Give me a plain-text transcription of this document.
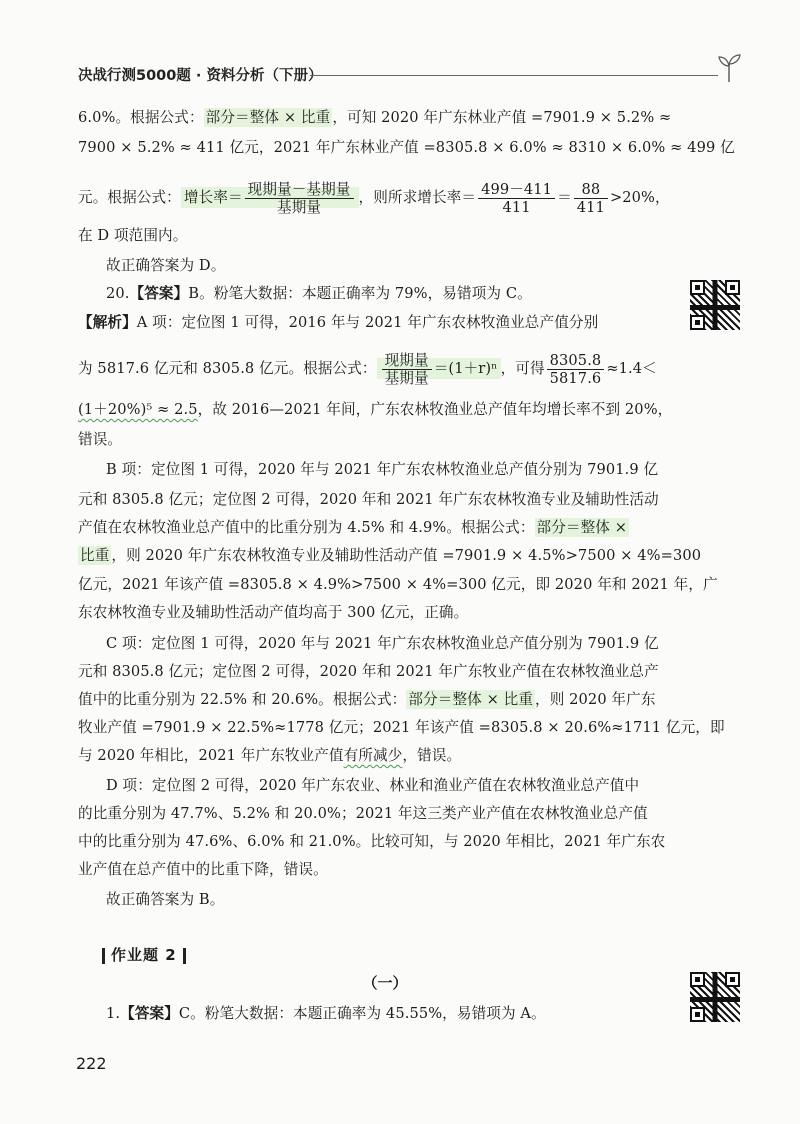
决战行测5000题 · 资料分析（下册）
6.0%。根据公式： 部分＝整体 × 比重 ，可知 2020 年广东林业产值 =7901.9 × 5.2% ≈
7900 × 5.2% ≈ 411 亿元，2021 年广东林业产值 =8305.8 × 6.0% ≈ 8310 × 6.0% ≈ 499 亿
元。根据公式： 增长率＝ $\frac{\text{现期量－基期量}}{\text{基期量}}$ ，则所求增长率＝ $\frac{499-411}{411} = \frac{88}{411} >20\%$，
在 D 项范围内。
故正确答案为 D。
20.【答案】B。粉笔大数据：本题正确率为 79%，易错项为 C。
【解析】A 项：定位图 1 可得，2016 年与 2021 年广东农林牧渔业总产值分别
为 5817.6 亿元和 8305.8 亿元。根据公式： $\frac{\text{现期量}}{\text{基期量}} =(1+r)^n$ ，可得 $\frac{8305.8}{5817.6} \approx 1.4<$
(1＋20%)⁵ ≈ 2.5，故 2016—2021 年间，广东农林牧渔业总产值年均增长率不到 20%，
错误。
B 项：定位图 1 可得，2020 年与 2021 年广东农林牧渔业总产值分别为 7901.9 亿
元和 8305.8 亿元；定位图 2 可得，2020 年和 2021 年广东农林牧渔专业及辅助性活动
产值在农林牧渔业总产值中的比重分别为 4.5% 和 4.9%。根据公式： 部分＝整体 ×
比重 ，则 2020 年广东农林牧渔专业及辅助性活动产值 =7901.9 × 4.5%>7500 × 4%=300
亿元，2021 年该产值 =8305.8 × 4.9%>7500 × 4%=300 亿元，即 2020 年和 2021 年，广
东农林牧渔专业及辅助性活动产值均高于 300 亿元，正确。
C 项：定位图 1 可得，2020 年与 2021 年广东农林牧渔业总产值分别为 7901.9 亿
元和 8305.8 亿元；定位图 2 可得，2020 年和 2021 年广东牧业产值在农林牧渔业总产
值中的比重分别为 22.5% 和 20.6%。根据公式： 部分＝整体 × 比重 ，则 2020 年广东
牧业产值 =7901.9 × 22.5%≈1778 亿元；2021 年该产值 =8305.8 × 20.6%≈1711 亿元，即
与 2020 年相比，2021 年广东牧业产值有所减少，错误。
D 项：定位图 2 可得，2020 年广东农业、林业和渔业产值在农林牧渔业总产值中
的比重分别为 47.7%、5.2% 和 20.0%；2021 年这三类产业产值在农林牧渔业总产值
中的比重分别为 47.6%、6.0% 和 21.0%。比较可知，与 2020 年相比，2021 年广东农
业产值在总产值中的比重下降，错误。
故正确答案为 B。
作业题 2
（一）
1.【答案】C。粉笔大数据：本题正确率为 45.55%，易错项为 A。
222
